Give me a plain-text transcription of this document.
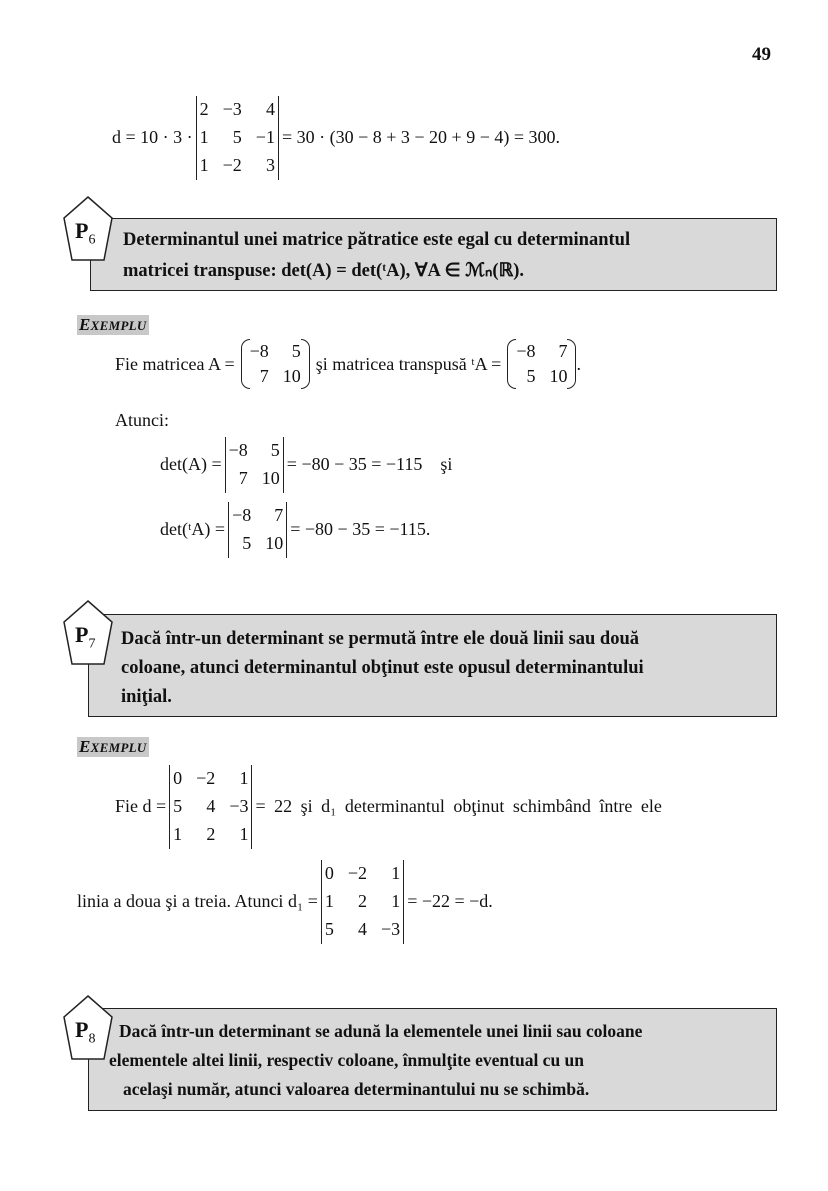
49
d = 10 · 3 ·
2 −3	4
1	5 −1
1 −2	3
= 30 · (30 − 8 + 3 − 20 + 9 − 4) = 300.

Determinantul unei matrice pătratice este egal cu determinantul

matricei transpuse: det(A) = det(ᵗA), ∀A ∈ ℳₙ(ℝ).

$P_6$
EXEMPLU
Fie matricea A =
−8	5
7 10
şi matricea transpusă ᵗA =
−8	7
5 10
.
Atunci:
det(A) =
−8	5
7 10
= −80 − 35 = −115    şi
det(ᵗA) =
−8	7
5 10
= −80 − 35 = −115.

Dacă într-un determinant se permută între ele două linii sau două

coloane, atunci determinantul obţinut este opusul determinantului

iniţial.

$P_7$
EXEMPLU
Fie d =
0 −2	1
5	4 −3
1	2	1
= 22 şi d₁ determinantul obţinut schimbând între ele
linia a doua şi a treia. Atunci d₁ =
0 −2	1
1	2	1
5	4 −3
= −22 = −d.

Dacă într-un determinant se adună la elementele unei linii sau coloane

elementele altei linii, respectiv coloane, înmulţite eventual cu un

acelaşi număr, atunci valoarea determinantului nu se schimbă.

$P_8$
